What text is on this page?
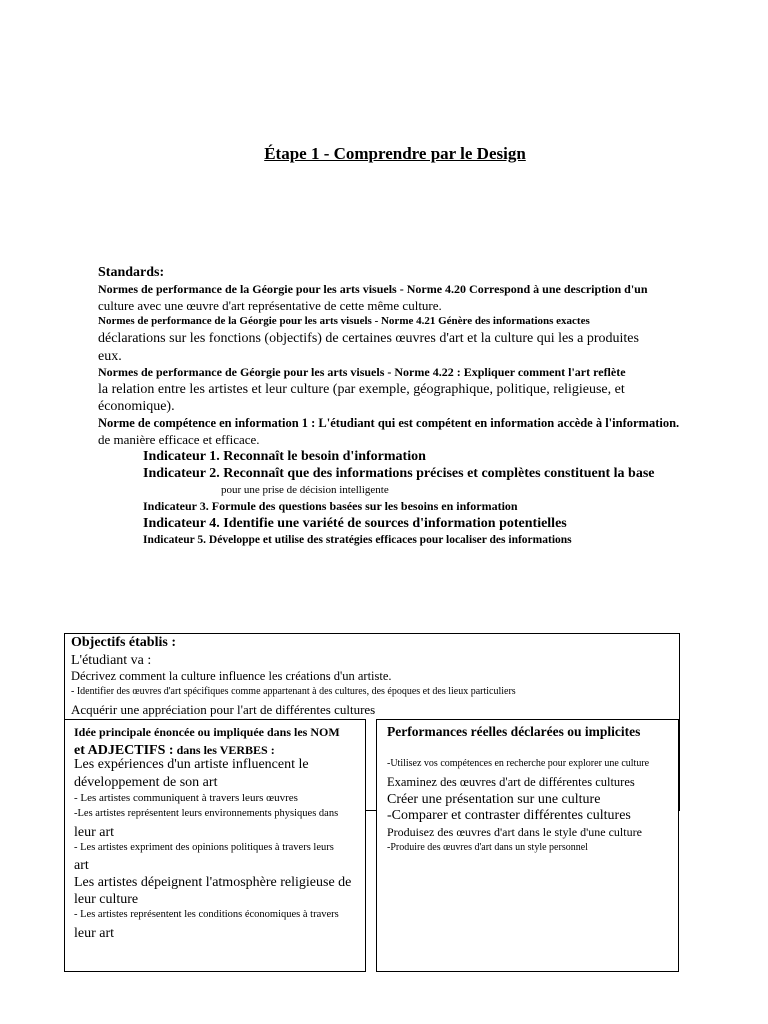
Étape 1 - Comprendre par le Design
Standards:
Normes de performance de la Géorgie pour les arts visuels - Norme 4.20 Correspond à une description d'un
culture avec une œuvre d'art représentative de cette même culture.
Normes de performance de la Géorgie pour les arts visuels - Norme 4.21 Génère des informations exactes
déclarations sur les fonctions (objectifs) de certaines œuvres d'art et la culture qui les a produites
eux.
Normes de performance de Géorgie pour les arts visuels - Norme 4.22 : Expliquer comment l'art reflète
la relation entre les artistes et leur culture (par exemple, géographique, politique, religieuse, et
économique).
Norme de compétence en information 1 : L'étudiant qui est compétent en information accède à l'information.
de manière efficace et efficace.
Indicateur 1. Reconnaît le besoin d'information
Indicateur 2. Reconnaît que des informations précises et complètes constituent la base
pour une prise de décision intelligente
Indicateur 3. Formule des questions basées sur les besoins en information
Indicateur 4. Identifie une variété de sources d'information potentielles
Indicateur 5. Développe et utilise des stratégies efficaces pour localiser des informations
Objectifs établis :
L'étudiant va :
Décrivez comment la culture influence les créations d'un artiste.
- Identifier des œuvres d'art spécifiques comme appartenant à des cultures, des époques et des lieux particuliers
Acquérir une appréciation pour l'art de différentes cultures
Idée principale énoncée ou impliquée dans les NOM
et ADJECTIFS : dans les VERBES :
Les expériences d'un artiste influencent le
développement de son art
- Les artistes communiquent à travers leurs œuvres
-Les artistes représentent leurs environnements physiques dans
leur art
- Les artistes expriment des opinions politiques à travers leurs
art
Les artistes dépeignent l'atmosphère religieuse de
leur culture
- Les artistes représentent les conditions économiques à travers
leur art
Performances réelles déclarées ou implicites
-Utilisez vos compétences en recherche pour explorer une culture
Examinez des œuvres d'art de différentes cultures
Créer une présentation sur une culture
-Comparer et contraster différentes cultures
Produisez des œuvres d'art dans le style d'une culture
-Produire des œuvres d'art dans un style personnel
